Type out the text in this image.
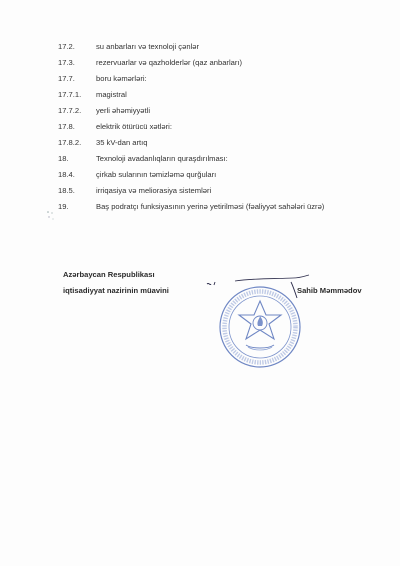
17.2.	su anbarları və texnoloji çənlər
17.3.	rezervuarlar və qazholderlər (qaz anbarları)
17.7.	boru kəmərləri:
17.7.1. magistral
17.7.2. yerli əhəmiyyətli
17.8.	elektrik ötürücü xətləri:
17.8.2. 35 kV-dan artıq
18.	Texnoloji avadanlıqların quraşdırılması:
18.4.	çirkab sularının təmizləmə qurğuları
18.5.	irriqasiya və meliorasiya sistemləri
19.	Baş podratçı funksiyasının yerinə yetirilməsi (fəaliyyət sahələri üzrə)
Azərbaycan Respublikası
iqtisadiyyat nazirinin müavini	Sahib Məmmədov
